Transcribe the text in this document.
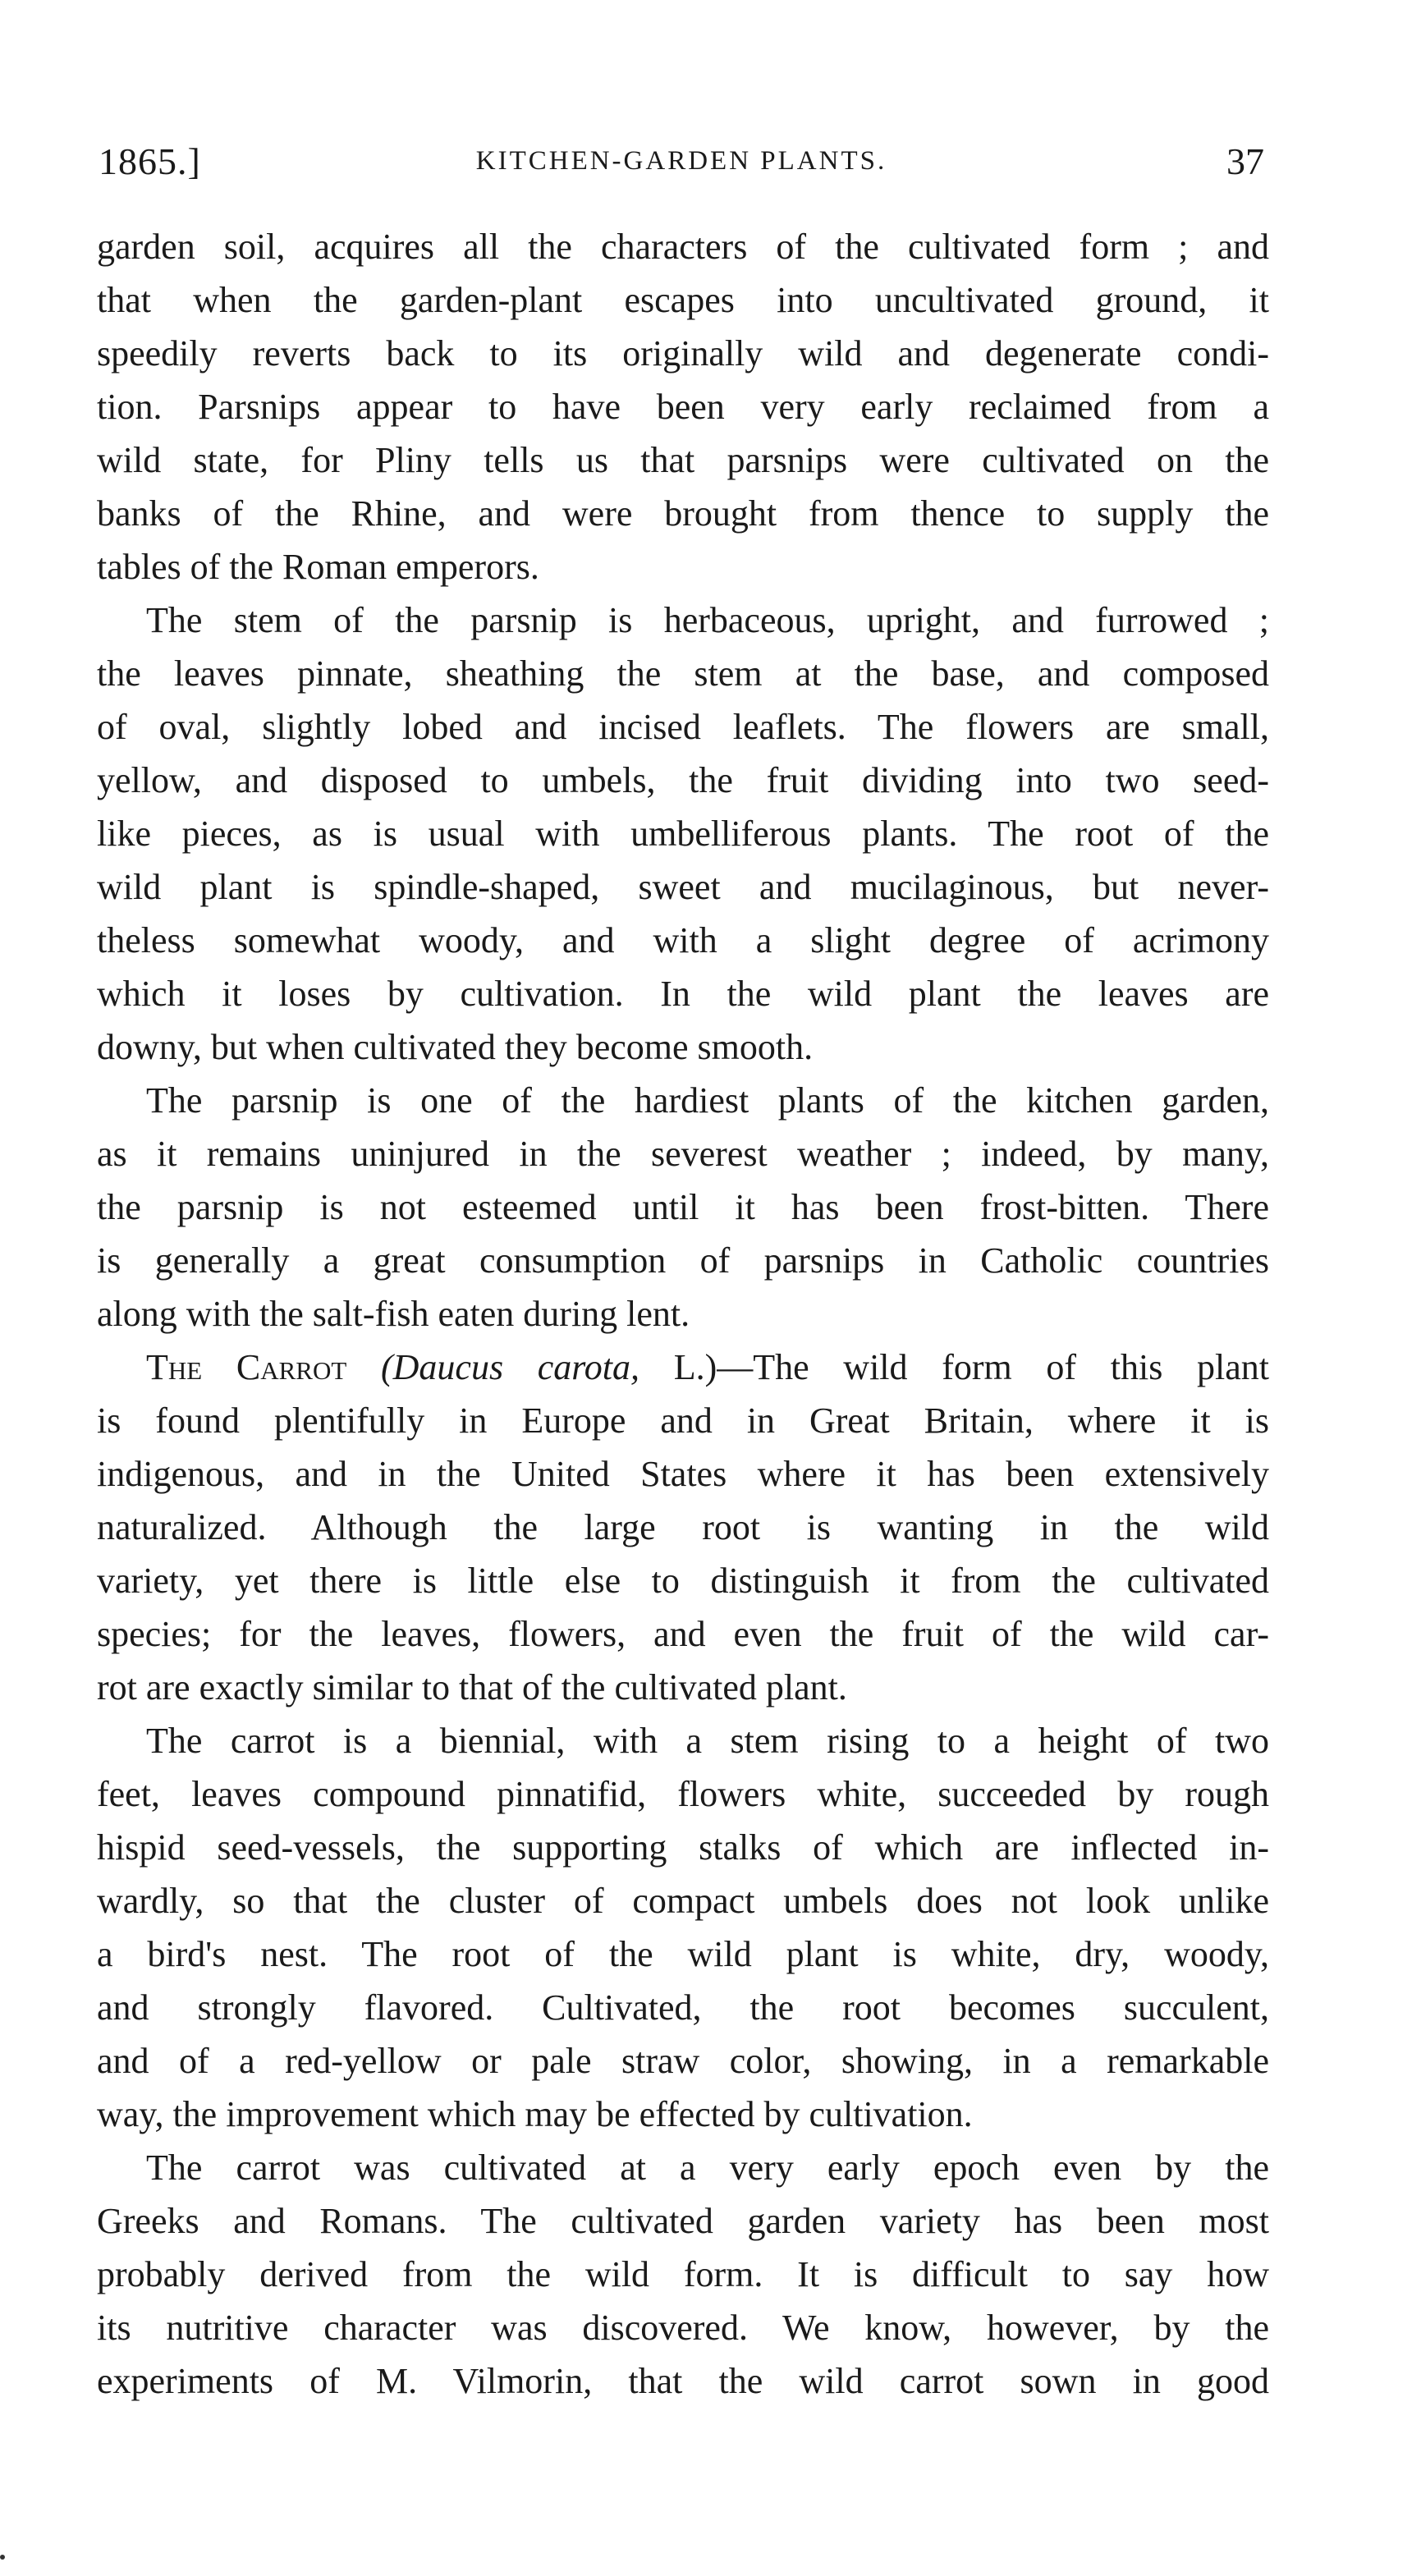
1865.]	KITCHEN-GARDEN PLANTS.	37
garden soil, acquires all the characters of the cultivated form ; and
that when the garden-plant escapes into uncultivated ground, it
speedily reverts back to its originally wild and degenerate condi-
tion. Parsnips appear to have been very early reclaimed from a
wild state, for Pliny tells us that parsnips were cultivated on the
banks of the Rhine, and were brought from thence to supply the
tables of the Roman emperors.
The stem of the parsnip is herbaceous, upright, and furrowed ;
the leaves pinnate, sheathing the stem at the base, and composed
of oval, slightly lobed and incised leaflets. The flowers are small,
yellow, and disposed to umbels, the fruit dividing into two seed-
like pieces, as is usual with umbelliferous plants. The root of the
wild plant is spindle-shaped, sweet and mucilaginous, but never-
theless somewhat woody, and with a slight degree of acrimony
which it loses by cultivation. In the wild plant the leaves are
downy, but when cultivated they become smooth.
The parsnip is one of the hardiest plants of the kitchen garden,
as it remains uninjured in the severest weather ; indeed, by many,
the parsnip is not esteemed until it has been frost-bitten. There
is generally a great consumption of parsnips in Catholic countries
along with the salt-fish eaten during lent.
The Carrot (Daucus carota, L.)—The wild form of this plant
is found plentifully in Europe and in Great Britain, where it is
indigenous, and in the United States where it has been extensively
naturalized. Although the large root is wanting in the wild
variety, yet there is little else to distinguish it from the cultivated
species; for the leaves, flowers, and even the fruit of the wild car-
rot are exactly similar to that of the cultivated plant.
The carrot is a biennial, with a stem rising to a height of two
feet, leaves compound pinnatifid, flowers white, succeeded by rough
hispid seed-vessels, the supporting stalks of which are inflected in-
wardly, so that the cluster of compact umbels does not look unlike
a bird's nest. The root of the wild plant is white, dry, woody,
and strongly flavored. Cultivated, the root becomes succulent,
and of a red-yellow or pale straw color, showing, in a remarkable
way, the improvement which may be effected by cultivation.
The carrot was cultivated at a very early epoch even by the
Greeks and Romans. The cultivated garden variety has been most
probably derived from the wild form. It is difficult to say how
its nutritive character was discovered. We know, however, by the
experiments of M. Vilmorin, that the wild carrot sown in good
